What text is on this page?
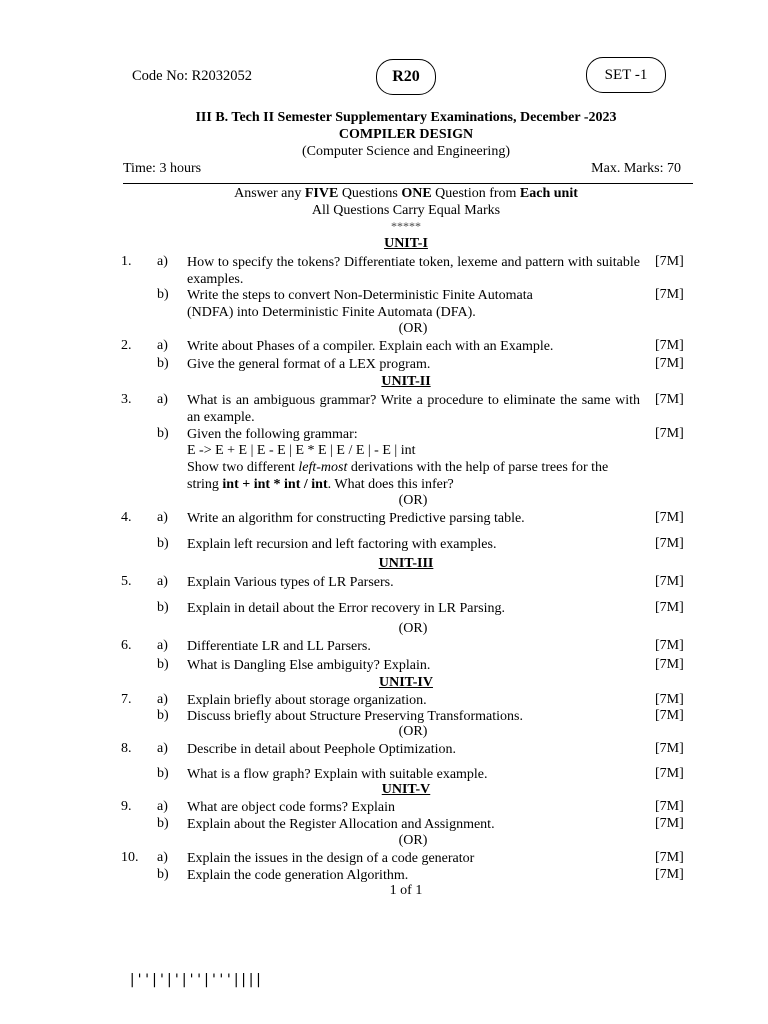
Code No: R2032052	R20	SET -1
III B. Tech II Semester Supplementary Examinations, December -2023
COMPILER DESIGN
(Computer Science and Engineering)
Time: 3 hours	Max. Marks: 70
Answer any FIVE Questions ONE Question from Each unit
All Questions Carry Equal Marks
*****
UNIT-I
1.	a)	How to specify the tokens? Differentiate token, lexeme and pattern with suitable examples.
[7M]
b)	Write the steps to convert Non-Deterministic Finite Automata
(NDFA) into Deterministic Finite Automata (DFA).
[7M]
(OR)
2.	a)	Write about Phases of a compiler. Explain each with an Example.	[7M]
b)	Give the general format of a LEX program.	[7M]
UNIT-II
3.	a)	What is an ambiguous grammar? Write a procedure to eliminate the same with an example.
[7M]
b)	Given the following grammar:
E -> E + E | E - E | E * E | E / E | - E | int
Show two different left-most derivations with the help of parse trees for the
string int + int * int / int. What does this infer?
[7M]
(OR)
4.	a)	Write an algorithm for constructing Predictive parsing table.	[7M]
b)	Explain left recursion and left factoring with examples.	[7M]
UNIT-III
5.	a)	Explain Various types of LR Parsers.	[7M]
b)	Explain in detail about the Error recovery in LR Parsing.	[7M]
(OR)
6.	a)	Differentiate LR and LL Parsers.	[7M]
b)	What is Dangling Else ambiguity? Explain.	[7M]
UNIT-IV
7.	a)	Explain briefly about storage organization.	[7M]
b)	Discuss briefly about Structure Preserving Transformations.	[7M]
(OR)
8.	a)	Describe in detail about Peephole Optimization.	[7M]
b)	What is a flow graph? Explain with suitable example.	[7M]
UNIT-V
9.	a)	What are object code forms? Explain	[7M]
b)	Explain about the Register Allocation and Assignment.	[7M]
(OR)
10.	a)	Explain the issues in the design of a code generator	[7M]
b)	Explain the code generation Algorithm.	[7M]
1 of 1
|''|'|'|''|'''||||
